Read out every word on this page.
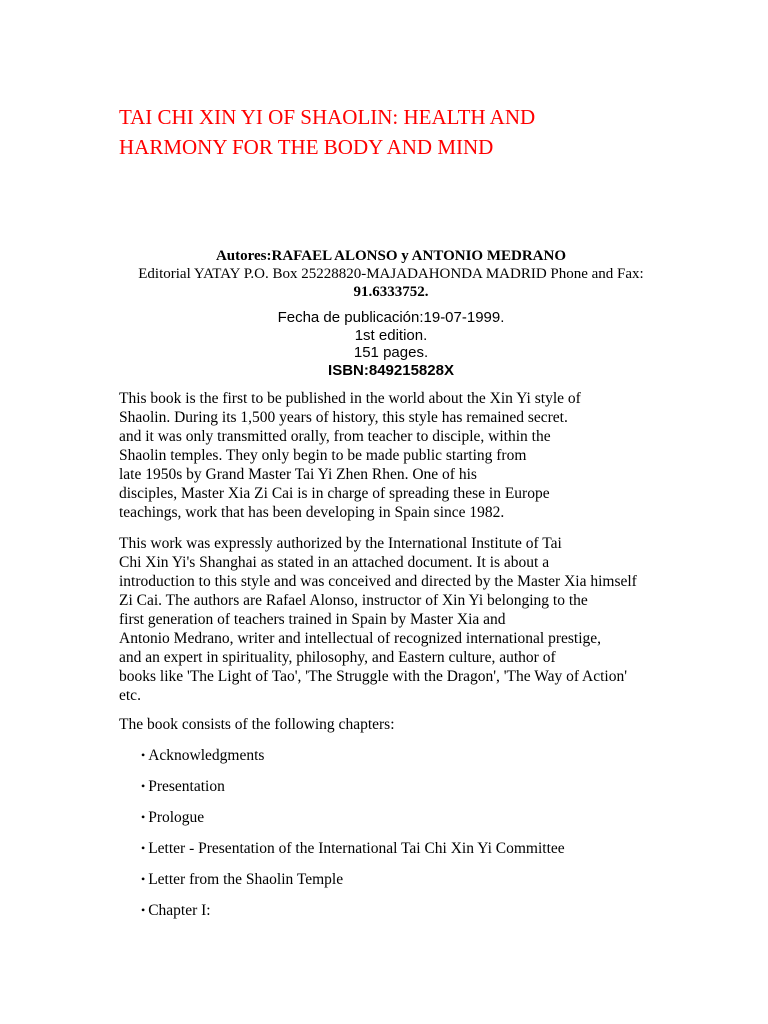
TAI CHI XIN YI OF SHAOLIN: HEALTH AND
HARMONY FOR THE BODY AND MIND
Autores:RAFAEL ALONSO y ANTONIO MEDRANO
Editorial YATAY P.O. Box 25228820-MAJADAHONDA MADRID Phone and Fax:
91.6333752.
Fecha de publicación:19-07-1999.
1st edition.
151 pages.
ISBN:849215828X

This book is the first to be published in the world about the Xin Yi style of
Shaolin. During its 1,500 years of history, this style has remained secret.
and it was only transmitted orally, from teacher to disciple, within the
Shaolin temples. They only begin to be made public starting from
late 1950s by Grand Master Tai Yi Zhen Rhen. One of his
disciples, Master Xia Zi Cai is in charge of spreading these in Europe
teachings, work that has been developing in Spain since 1982.

This work was expressly authorized by the International Institute of Tai
Chi Xin Yi's Shanghai as stated in an attached document. It is about a
introduction to this style and was conceived and directed by the Master Xia himself
Zi Cai. The authors are Rafael Alonso, instructor of Xin Yi belonging to the
first generation of teachers trained in Spain by Master Xia and
Antonio Medrano, writer and intellectual of recognized international prestige,
and an expert in spirituality, philosophy, and Eastern culture, author of
books like 'The Light of Tao', 'The Struggle with the Dragon', 'The Way of Action'
etc.

The book consists of the following chapters:

• Acknowledgments
• Presentation
• Prologue
• Letter - Presentation of the International Tai Chi Xin Yi Committee
• Letter from the Shaolin Temple
• Chapter I:
